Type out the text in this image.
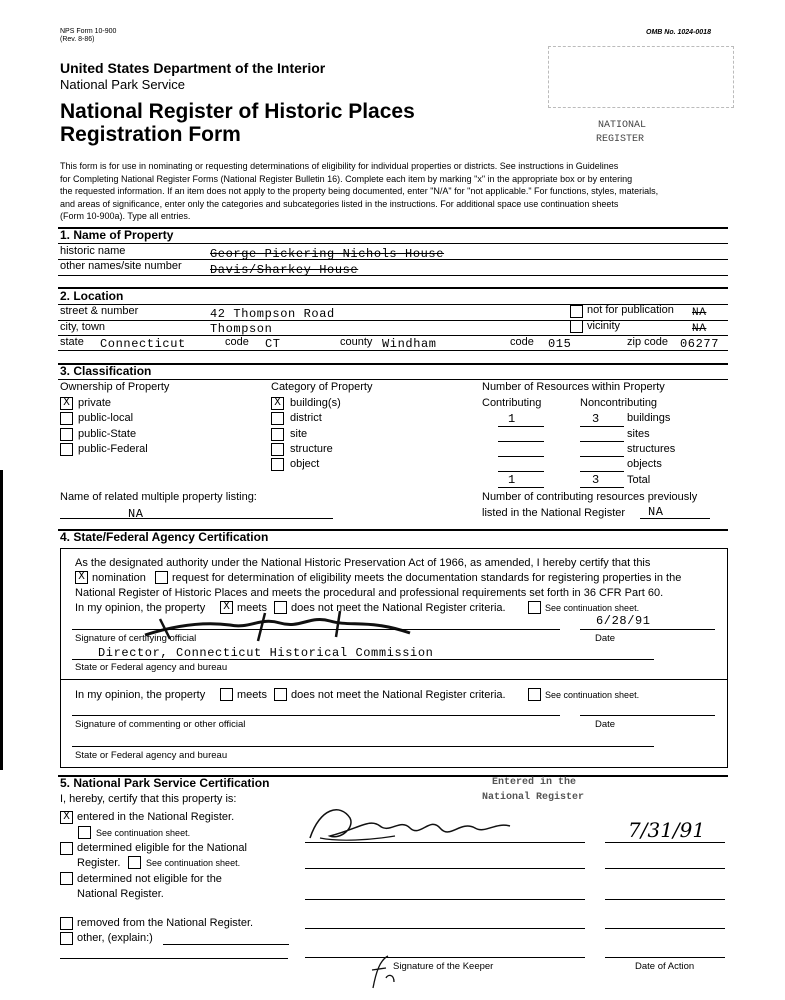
NPS Form 10-900
(Rev. 8-86)
OMB No. 1024-0018
United States Department of the Interior
National Park Service
National Register of Historic Places
Registration Form	NATIONAL
REGISTER
This form is for use in nominating or requesting determinations of eligibility for individual properties or districts. See instructions in Guidelines
for Completing National Register Forms (National Register Bulletin 16). Complete each item by marking "x" in the appropriate box or by entering
the requested information. If an item does not apply to the property being documented, enter "N/A" for "not applicable." For functions, styles, materials,
and areas of significance, enter only the categories and subcategories listed in the instructions. For additional space use continuation sheets
(Form 10-900a). Type all entries.
1. Name of Property
historic name	George Pickering Nichols House
other names/site number Davis/Sharkey House
2. Location
street & number	42 Thompson Road	not for publication NA
city, town	Thompson	vicinity	NA
state Connecticut	code CT	county Windham	code 015	zip code 06277
3. Classification
Ownership of Property
X private
public-local
public-State
public-Federal
Category of Property
X building(s)
district
site
structure
object
Number of Resources within Property
Contributing	Noncontributing
1	3 buildings
sites
structures
objects
1	3 Total
Name of related multiple property listing:
NA
Number of contributing resources previously
listed in the National Register NA
4. State/Federal Agency Certification
As the designated authority under the National Historic Preservation Act of 1966, as amended, I hereby certify that this
X nomination request for determination of eligibility meets the documentation standards for registering properties in the
National Register of Historic Places and meets the procedural and professional requirements set forth in 36 CFR Part 60.
In my opinion, the property X meets does not meet the National Register criteria.	See continuation sheet.
6/28/91
Signature of certifying official	Date
Director, Connecticut Historical Commission
State or Federal agency and bureau
In my opinion, the property	meets does not meet the National Register criteria.	See continuation sheet.
Signature of commenting or other official	Date
State or Federal agency and bureau
5. National Park Service Certification	Entered in the
National Register
I, hereby, certify that this property is:
X entered in the National Register.
See continuation sheet.
determined eligible for the National
Register.	See continuation sheet.
determined not eligible for the
National Register.
removed from the National Register.
other, (explain:)
7/31/91
Signature of the Keeper	Date of Action
